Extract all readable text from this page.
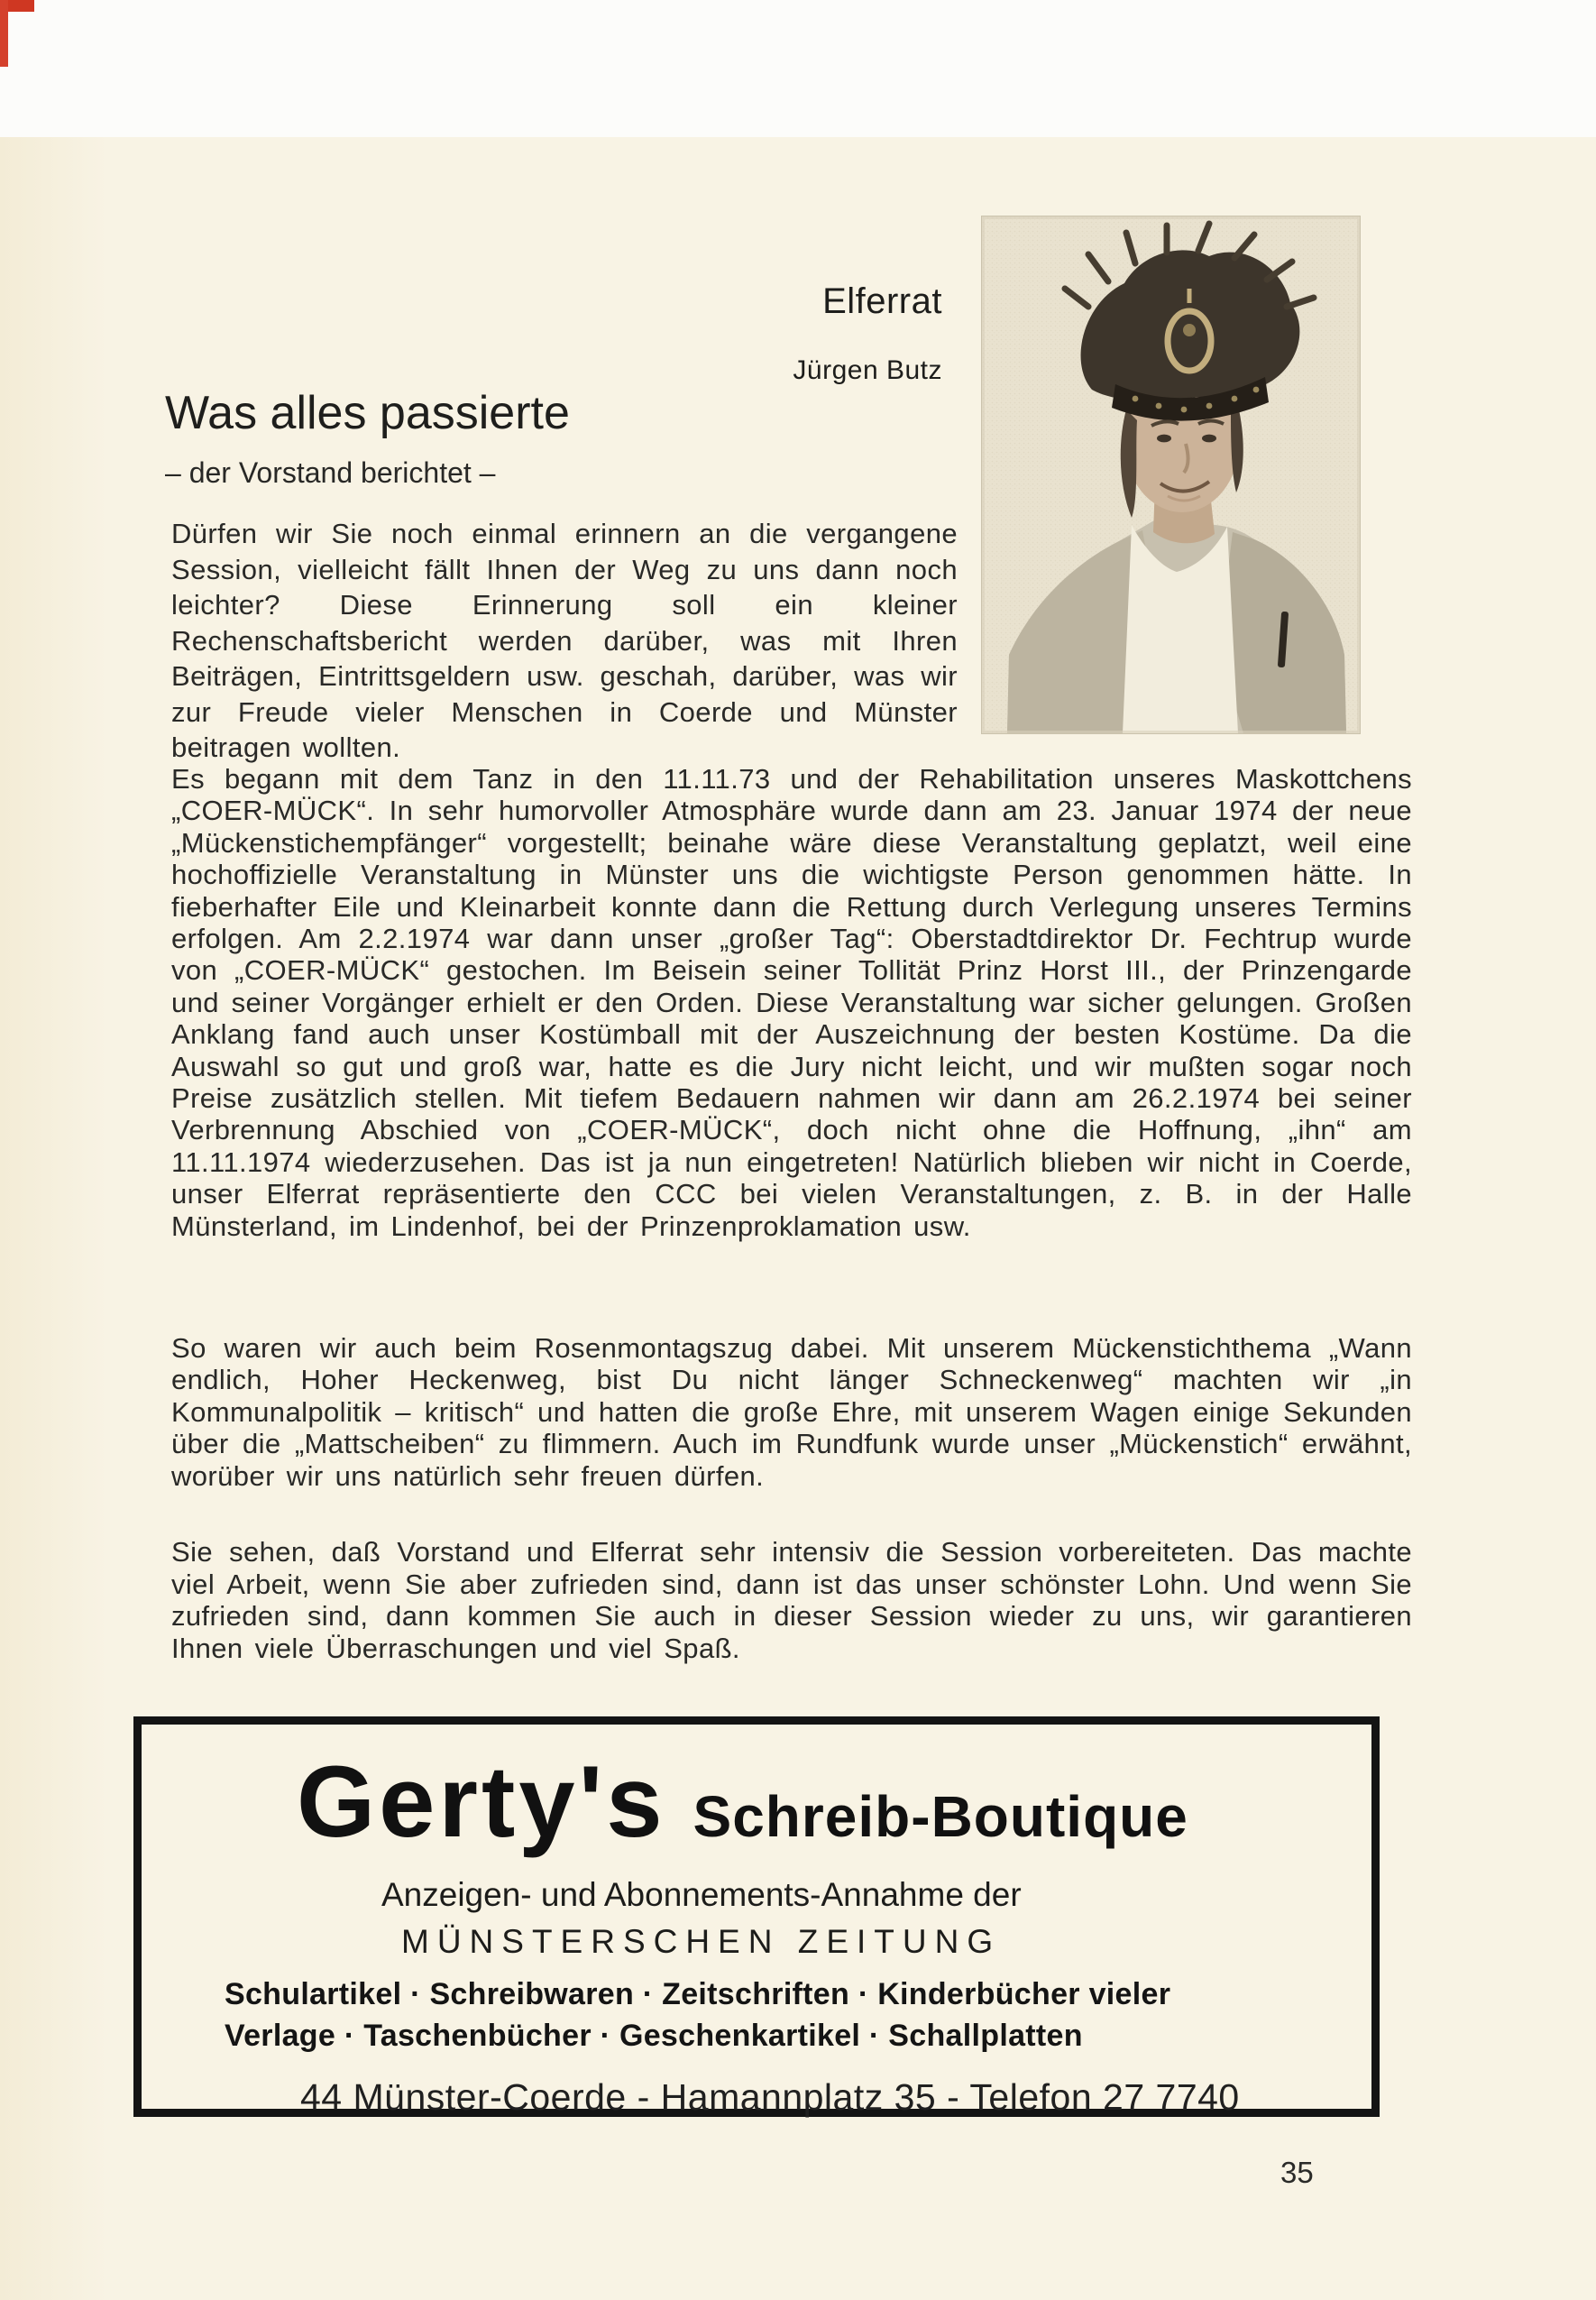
Elferrat
Jürgen Butz
Was alles passierte
– der Vorstand berichtet –
Dürfen wir Sie noch einmal erinnern an die vergangene Session, vielleicht fällt Ihnen der Weg zu uns dann noch leichter? Diese Erinnerung soll ein kleiner Rechenschaftsbericht werden darüber, was mit Ihren Beiträgen, Eintrittsgeldern usw. geschah, darüber, was wir zur Freude vieler Menschen in Coerde und Münster beitragen wollten.
Es begann mit dem Tanz in den 11.11.73 und der Rehabilitation unseres Maskottchens „COER-MÜCK“. In sehr humorvoller Atmosphäre wurde dann am 23. Januar 1974 der neue „Mückenstichempfänger“ vorgestellt; beinahe wäre diese Veranstaltung geplatzt, weil eine hochoffizielle Veranstaltung in Münster uns die wichtigste Person genommen hätte. In fieberhafter Eile und Kleinarbeit konnte dann die Rettung durch Verlegung unseres Termins erfolgen. Am 2.2.1974 war dann unser „großer Tag“: Oberstadtdirektor Dr. Fechtrup wurde von „COER-MÜCK“ gestochen. Im Beisein seiner Tollität Prinz Horst III., der Prinzengarde und seiner Vorgänger erhielt er den Orden. Diese Veranstaltung war sicher gelungen. Großen Anklang fand auch unser Kostümball mit der Auszeichnung der besten Kostüme. Da die Auswahl so gut und groß war, hatte es die Jury nicht leicht, und wir mußten sogar noch Preise zusätzlich stellen. Mit tiefem Bedauern nahmen wir dann am 26.2.1974 bei seiner Verbrennung Abschied von „COER-MÜCK“, doch nicht ohne die Hoffnung, „ihn“ am 11.11.1974 wiederzusehen. Das ist ja nun eingetreten! Natürlich blieben wir nicht in Coerde, unser Elferrat repräsentierte den CCC bei vielen Veranstaltungen, z. B. in der Halle Münsterland, im Lindenhof, bei der Prinzenproklamation usw.
So waren wir auch beim Rosenmontagszug dabei. Mit unserem Mückenstichthema „Wann endlich, Hoher Heckenweg, bist Du nicht länger Schneckenweg“ machten wir „in Kommunalpolitik – kritisch“ und hatten die große Ehre, mit unserem Wagen einige Sekunden über die „Mattscheiben“ zu flimmern. Auch im Rundfunk wurde unser „Mückenstich“ erwähnt, worüber wir uns natürlich sehr freuen dürfen.
Sie sehen, daß Vorstand und Elferrat sehr intensiv die Session vorbereiteten. Das machte viel Arbeit, wenn Sie aber zufrieden sind, dann ist das unser schönster Lohn. Und wenn Sie zufrieden sind, dann kommen Sie auch in dieser Session wieder zu uns, wir garantieren Ihnen viele Überraschungen und viel Spaß.
Gerty's Schreib-Boutique
Anzeigen- und Abonnements-Annahme der
MÜNSTERSCHEN ZEITUNG
Schulartikel · Schreibwaren · Zeitschriften · Kinderbücher vieler
Verlage · Taschenbücher · Geschenkartikel · Schallplatten
44 Münster-Coerde - Hamannplatz 35 - Telefon 27 7740
35
